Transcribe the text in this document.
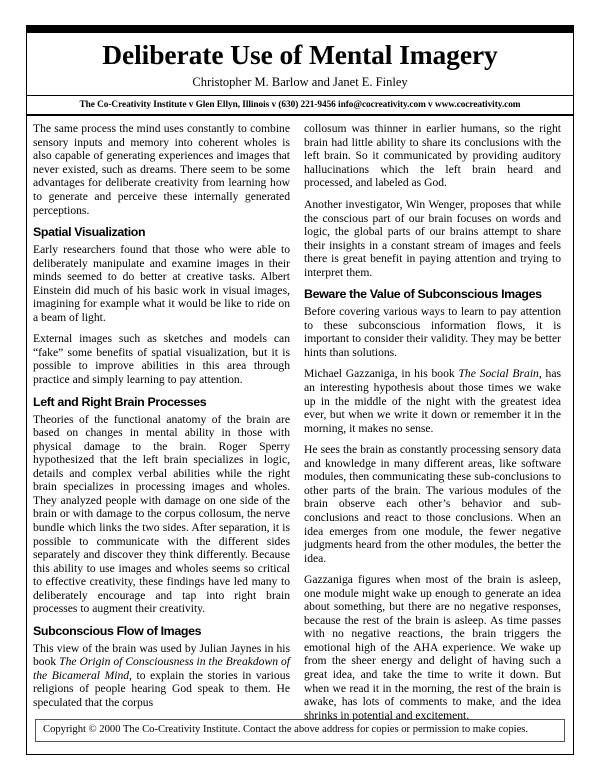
Deliberate Use of Mental Imagery
Christopher M. Barlow and Janet E. Finley
The Co-Creativity Institute v Glen Ellyn, Illinois v (630) 221-9456 info@cocreativity.com v www.cocreativity.com

The same process the mind uses constantly to combine sensory inputs and memory into coherent wholes is also capable of generating experiences and images that never existed, such as dreams. There seem to be some advantages for deliberate creativity from learning how to generate and perceive these internally generated perceptions.

Spatial Visualization

Early researchers found that those who were able to deliberately manipulate and examine images in their minds seemed to do better at creative tasks. Albert Einstein did much of his basic work in visual images, imagining for example what it would be like to ride on a beam of light.

External images such as sketches and models can “fake” some benefits of spatial visualization, but it is possible to improve abilities in this area through practice and simply learning to pay attention.

Left and Right Brain Processes

Theories of the functional anatomy of the brain are based on changes in mental ability in those with physical damage to the brain. Roger Sperry hypothesized that the left brain specializes in logic, details and complex verbal abilities while the right brain specializes in processing images and wholes. They analyzed people with damage on one side of the brain or with damage to the corpus collosum, the nerve bundle which links the two sides. After separation, it is possible to communicate with the different sides separately and discover they think differently. Because this ability to use images and wholes seems so critical to effective creativity, these findings have led many to deliberately encourage and tap into right brain processes to augment their creativity.

Subconscious Flow of Images

This view of the brain was used by Julian Jaynes in his book The Origin of Consciousness in the Breakdown of the Bicameral Mind, to explain the stories in various religions of people hearing God speak to them. He speculated that the corpus

collosum was thinner in earlier humans, so the right brain had little ability to share its conclusions with the left brain. So it communicated by providing auditory hallucinations which the left brain heard and processed, and labeled as God.

Another investigator, Win Wenger, proposes that while the conscious part of our brain focuses on words and logic, the global parts of our brains attempt to share their insights in a constant stream of images and feels there is great benefit in paying attention and trying to interpret them.

Beware the Value of Subconscious Images

Before covering various ways to learn to pay attention to these subconscious information flows, it is important to consider their validity. They may be better hints than solutions.

Michael Gazzaniga, in his book The Social Brain, has an interesting hypothesis about those times we wake up in the middle of the night with the greatest idea ever, but when we write it down or remember it in the morning, it makes no sense.

He sees the brain as constantly processing sensory data and knowledge in many different areas, like software modules, then communicating these sub-conclusions to other parts of the brain. The various modules of the brain observe each other’s behavior and sub-conclusions and react to those conclusions. When an idea emerges from one module, the fewer negative judgments heard from the other modules, the better the idea.

Gazzaniga figures when most of the brain is asleep, one module might wake up enough to generate an idea about something, but there are no negative responses, because the rest of the brain is asleep. As time passes with no negative reactions, the brain triggers the emotional high of the AHA experience. We wake up from the sheer energy and delight of having such a great idea, and take the time to write it down. But when we read it in the morning, the rest of the brain is awake, has lots of comments to make, and the idea shrinks in potential and excitement.

Copyright © 2000 The Co-Creativity Institute. Contact the above address for copies or permission to make copies.
